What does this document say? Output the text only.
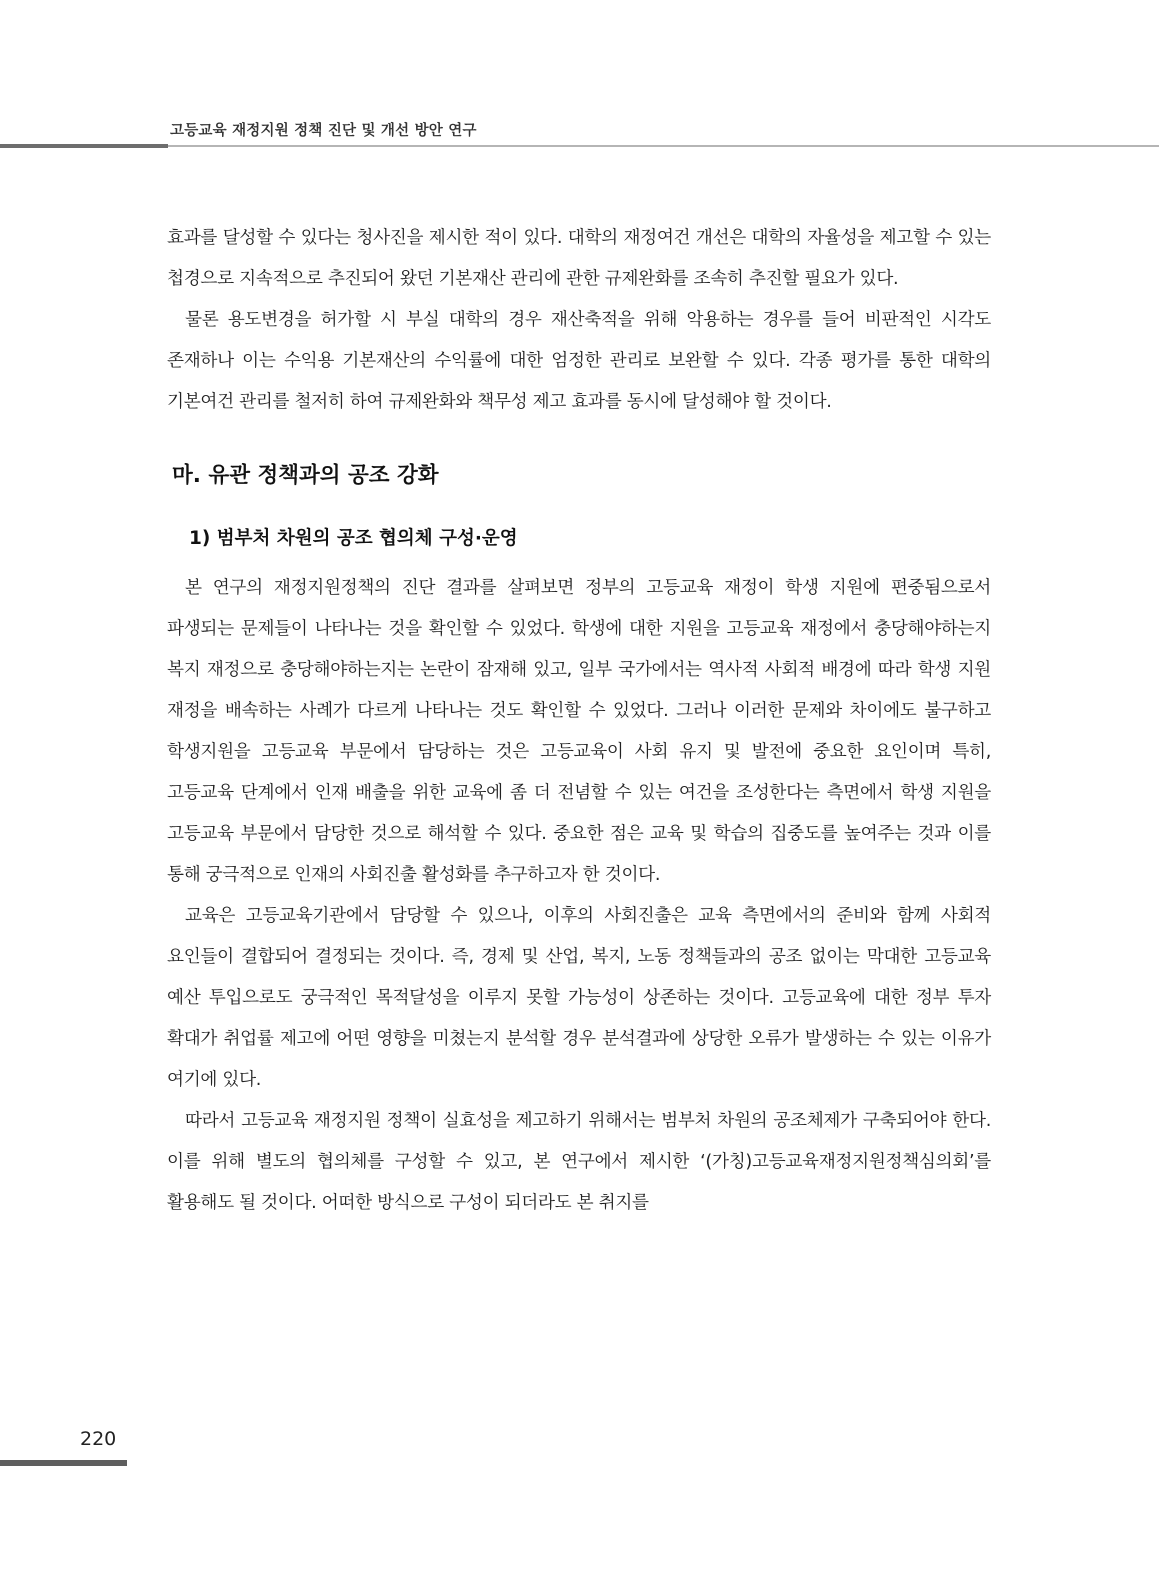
고등교육 재정지원 정책 진단 및 개선 방안 연구

효과를 달성할 수 있다는 청사진을 제시한 적이 있다. 대학의 재정여건 개선은 대학의 자율성을 제고할 수 있는 첩경으로 지속적으로 추진되어 왔던 기본재산 관리에 관한 규제완화를 조속히 추진할 필요가 있다.

물론 용도변경을 허가할 시 부실 대학의 경우 재산축적을 위해 악용하는 경우를 들어 비판적인 시각도 존재하나 이는 수익용 기본재산의 수익률에 대한 엄정한 관리로 보완할 수 있다. 각종 평가를 통한 대학의 기본여건 관리를 철저히 하여 규제완화와 책무성 제고 효과를 동시에 달성해야 할 것이다.

마. 유관 정책과의 공조 강화
1) 범부처 차원의 공조 협의체 구성·운영

본 연구의 재정지원정책의 진단 결과를 살펴보면 정부의 고등교육 재정이 학생 지원에 편중됨으로서 파생되는 문제들이 나타나는 것을 확인할 수 있었다. 학생에 대한 지원을 고등교육 재정에서 충당해야하는지 복지 재정으로 충당해야하는지는 논란이 잠재해 있고, 일부 국가에서는 역사적 사회적 배경에 따라 학생 지원 재정을 배속하는 사례가 다르게 나타나는 것도 확인할 수 있었다. 그러나 이러한 문제와 차이에도 불구하고 학생지원을 고등교육 부문에서 담당하는 것은 고등교육이 사회 유지 및 발전에 중요한 요인이며 특히, 고등교육 단계에서 인재 배출을 위한 교육에 좀 더 전념할 수 있는 여건을 조성한다는 측면에서 학생 지원을 고등교육 부문에서 담당한 것으로 해석할 수 있다. 중요한 점은 교육 및 학습의 집중도를 높여주는 것과 이를 통해 궁극적으로 인재의 사회진출 활성화를 추구하고자 한 것이다.

교육은 고등교육기관에서 담당할 수 있으나, 이후의 사회진출은 교육 측면에서의 준비와 함께 사회적 요인들이 결합되어 결정되는 것이다. 즉, 경제 및 산업, 복지, 노동 정책들과의 공조 없이는 막대한 고등교육 예산 투입으로도 궁극적인 목적달성을 이루지 못할 가능성이 상존하는 것이다. 고등교육에 대한 정부 투자 확대가 취업률 제고에 어떤 영향을 미쳤는지 분석할 경우 분석결과에 상당한 오류가 발생하는 수 있는 이유가 여기에 있다.

따라서 고등교육 재정지원 정책이 실효성을 제고하기 위해서는 범부처 차원의 공조체제가 구축되어야 한다. 이를 위해 별도의 협의체를 구성할 수 있고, 본 연구에서 제시한 ‘(가칭)고등교육재정지원정책심의회’를 활용해도 될 것이다. 어떠한 방식으로 구성이 되더라도 본 취지를

220
